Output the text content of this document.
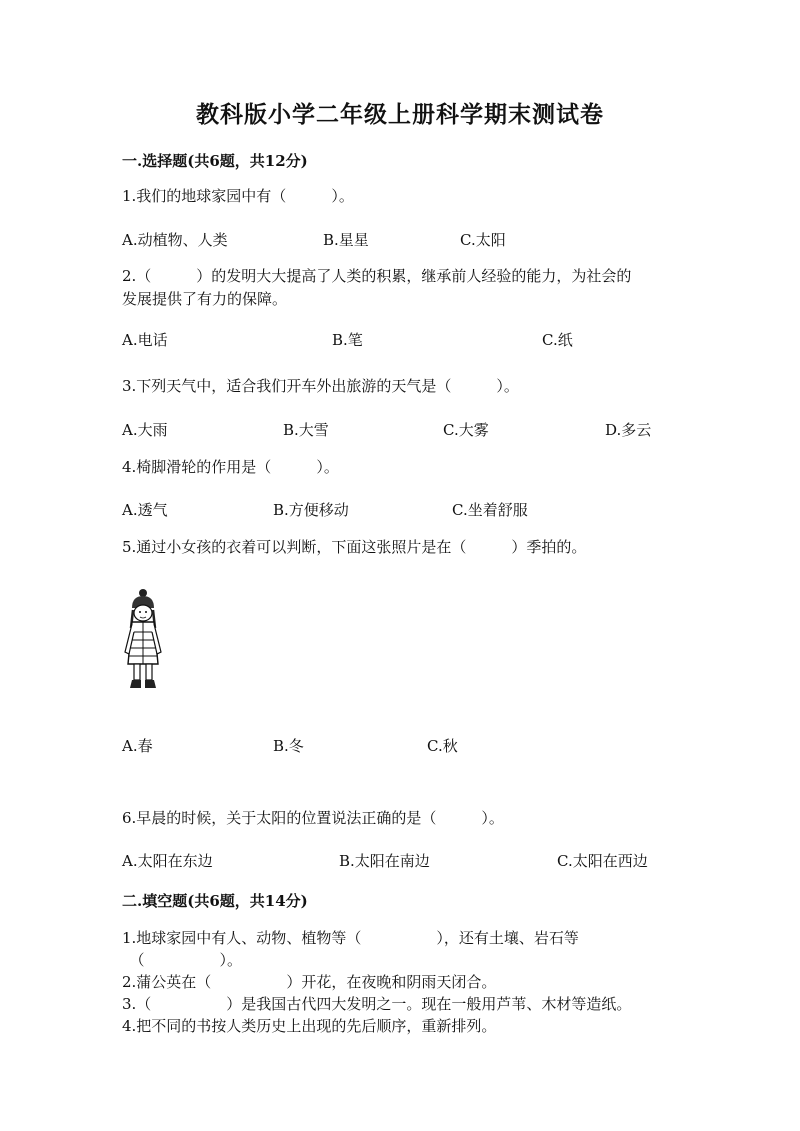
教科版小学二年级上册科学期末测试卷
一.选择题(共6题，共12分)
1.我们的地球家园中有（　　　）。
A.动植物、人类	B.星星	C.太阳
2.（　　　）的发明大大提高了人类的积累，继承前人经验的能力，为社会的
发展提供了有力的保障。
A.电话	B.笔	C.纸
3.下列天气中，适合我们开车外出旅游的天气是（　　　）。
A.大雨	B.大雪	C.大雾	D.多云
4.椅脚滑轮的作用是（　　　）。
A.透气	B.方便移动	C.坐着舒服
5.通过小女孩的衣着可以判断，下面这张照片是在（　　　）季拍的。
A.春	B.冬	C.秋
6.早晨的时候，关于太阳的位置说法正确的是（　　　）。
A.太阳在东边	B.太阳在南边	C.太阳在西边
二.填空题(共6题，共14分)
1.地球家园中有人、动物、植物等（　　　　　），还有土壤、岩石等
　（　　　　　）。
2.蒲公英在（　　　　　）开花，在夜晚和阴雨天闭合。
3.（　　　　　）是我国古代四大发明之一。现在一般用芦苇、木材等造纸。
4.把不同的书按人类历史上出现的先后顺序，重新排列。
